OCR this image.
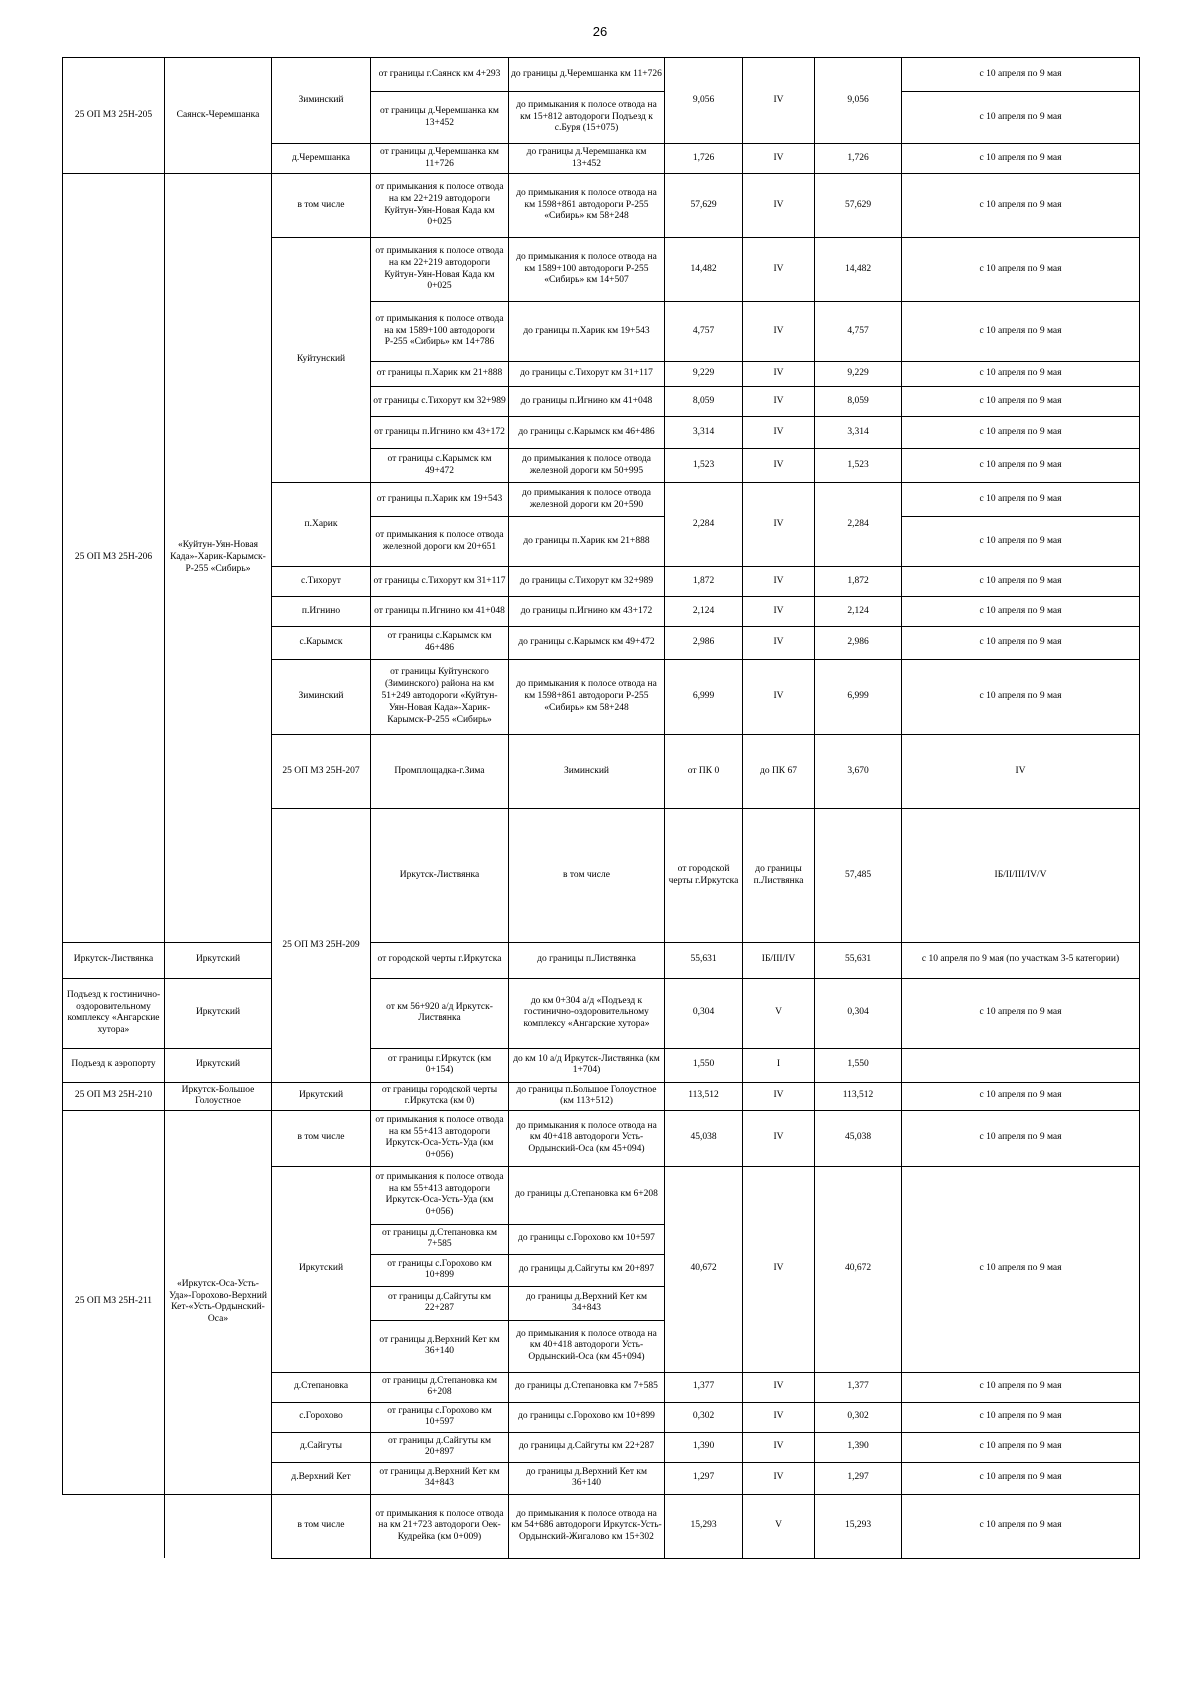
26
25 ОП МЗ 25Н-205	Саянск-Черемшанка	Зиминский	от границы г.Саянск км 4+293	до границы д.Черемшанка км 11+726	9,056	IV	9,056	с 10 апреля по 9 мая	
			от границы д.Черемшанка км 13+452	до примыкания к полосе отвода на км 15+812 автодороги Подъезд к с.Буря (15+075)				с 10 апреля по 9 мая	
		д.Черемшанка	от границы д.Черемшанка км 11+726	до границы д.Черемшанка км 13+452	1,726	IV	1,726	с 10 апреля по 9 мая	
25 ОП МЗ 25Н-206	«Куйтун-Уян-Новая Када»-Харик-Карымск-Р-255 «Сибирь»	в том числе	от примыкания к полосе отвода на км 22+219 автодороги Куйтун-Уян-Новая Када км 0+025	до примыкания к полосе отвода на км 1598+861 автодороги Р-255 «Сибирь» км 58+248	57,629	IV	57,629	с 10 апреля по 9 мая	
		Куйтунский	от примыкания к полосе отвода на км 22+219 автодороги Куйтун-Уян-Новая Када км 0+025	до примыкания к полосе отвода на км 1589+100 автодороги Р-255 «Сибирь» км 14+507	14,482	IV	14,482	с 10 апреля по 9 мая	
			от примыкания к полосе отвода на км 1589+100 автодороги Р-255 «Сибирь» км 14+786	до границы п.Харик км 19+543	4,757	IV	4,757	с 10 апреля по 9 мая	
			от границы п.Харик км 21+888	до границы с.Тихорут км 31+117	9,229	IV	9,229	с 10 апреля по 9 мая	
			от границы с.Тихорут км 32+989	до границы п.Игнино км 41+048	8,059	IV	8,059	с 10 апреля по 9 мая	
			от границы п.Игнино км 43+172	до границы с.Карымск км 46+486	3,314	IV	3,314	с 10 апреля по 9 мая	
			от границы с.Карымск км 49+472	до примыкания к полосе отвода железной дороги км 50+995	1,523	IV	1,523	с 10 апреля по 9 мая	
		п.Харик	от границы п.Харик км 19+543	до примыкания к полосе отвода железной дороги км 20+590	2,284	IV	2,284	с 10 апреля по 9 мая	
			от примыкания к полосе отвода железной дороги км 20+651	до границы п.Харик км 21+888				с 10 апреля по 9 мая	
		с.Тихорут	от границы с.Тихорут км 31+117	до границы с.Тихорут км 32+989	1,872	IV	1,872	с 10 апреля по 9 мая	
		п.Игнино	от границы п.Игнино км 41+048	до границы п.Игнино км 43+172	2,124	IV	2,124	с 10 апреля по 9 мая	
		с.Карымск	от границы с.Карымск км 46+486	до границы с.Карымск км 49+472	2,986	IV	2,986	с 10 апреля по 9 мая	
		Зиминский	от границы Куйтунского (Зиминского) района на км 51+249 автодороги «Куйтун-Уян-Новая Када»-Харик-Карымск-Р-255 «Сибирь»	до примыкания к полосе отвода на км 1598+861 автодороги Р-255 «Сибирь» км 58+248	6,999	IV	6,999	с 10 апреля по 9 мая	
		25 ОП МЗ 25Н-207	Промплощадка-г.Зима	Зиминский	от ПК 0	до ПК 67	3,670	IV		
		25 ОП МЗ 25Н-209	Иркутск-Листвянка	в том числе	от городской черты г.Иркутска	до границы п.Листвянка	57,485	IБ/II/III/IV/V		
Иркутск-Листвянка	Иркутский		от городской черты г.Иркутска	до границы п.Листвянка	55,631	IБ/III/IV	55,631	с 10 апреля по 9 мая (по участкам 3-5 категории)	
Подъезд к гостинично-оздоровительному комплексу «Ангарские хутора»	Иркутский		от км 56+920 а/д Иркутск-Листвянка	до км 0+304 а/д «Подъезд к гостинично-оздоровительному комплексу «Ангарские хутора»	0,304	V	0,304	с 10 апреля по 9 мая	
Подъезд к аэропорту	Иркутский		от границы г.Иркутск (км 0+154)	до км 10 а/д Иркутск-Листвянка (км 1+704)	1,550	I	1,550		
25 ОП МЗ 25Н-210	Иркутск-Большое Голоустное	Иркутский	от границы городской черты г.Иркутска (км 0)	до границы п.Большое Голоустное (км 113+512)	113,512	IV	113,512	с 10 апреля по 9 мая	
25 ОП МЗ 25Н-211	«Иркутск-Оса-Усть-Уда»-Горохово-Верхний Кет-«Усть-Ордынский-Оса»	в том числе	от примыкания к полосе отвода на км 55+413 автодороги Иркутск-Оса-Усть-Уда (км 0+056)	до примыкания к полосе отвода на км 40+418 автодороги Усть-Ордынский-Оса (км 45+094)	45,038	IV	45,038	с 10 апреля по 9 мая	
		Иркутский	от примыкания к полосе отвода на км 55+413 автодороги Иркутск-Оса-Усть-Уда (км 0+056)	до границы д.Степановка км 6+208	40,672	IV	40,672	с 10 апреля по 9 мая	
			от границы д.Степановка км 7+585	до границы с.Горохово км 10+597					
			от границы с.Горохово км 10+899	до границы д.Сайгуты км 20+897					
			от границы д.Сайгуты км 22+287	до границы д.Верхний Кет км 34+843					
			от границы д.Верхний Кет км 36+140	до примыкания к полосе отвода на км 40+418 автодороги Усть-Ордынский-Оса (км 45+094)					
		д.Степановка	от границы д.Степановка км 6+208	до границы д.Степановка км 7+585	1,377	IV	1,377	с 10 апреля по 9 мая	
		с.Горохово	от границы с.Горохово км 10+597	до границы с.Горохово км 10+899	0,302	IV	0,302	с 10 апреля по 9 мая	
		д.Сайгуты	от границы д.Сайгуты км 20+897	до границы д.Сайгуты км 22+287	1,390	IV	1,390	с 10 апреля по 9 мая	
		д.Верхний Кет	от границы д.Верхний Кет км 34+843	до границы д.Верхний Кет км 36+140	1,297	IV	1,297	с 10 апреля по 9 мая	
		в том числе	от примыкания к полосе отвода на км 21+723 автодороги Оек-Кудрейка (км 0+009)	до примыкания к полосе отвода на км 54+686 автодороги Иркутск-Усть-Ордынский-Жигалово км 15+302	15,293	V	15,293	с 10 апреля по 9 мая	
